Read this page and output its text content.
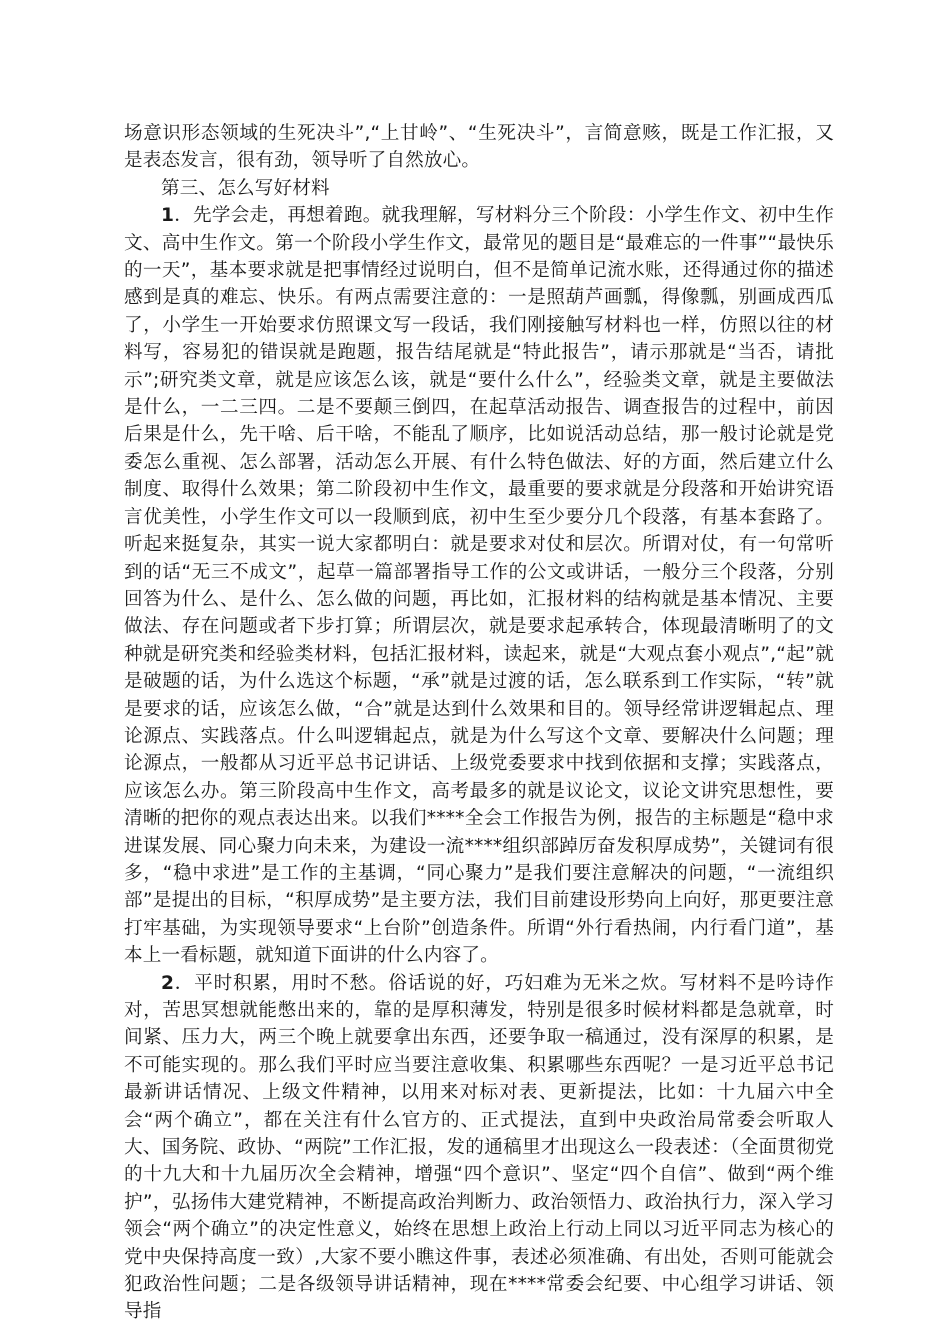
场意识形态领域的生死决斗”,“上甘岭”、“生死决斗”，言简意赅，既是工作汇报，又是表态发言，很有劲，领导听了自然放心。

第三、怎么写好材料

1．先学会走，再想着跑。就我理解，写材料分三个阶段：小学生作文、初中生作文、高中生作文。第一个阶段小学生作文，最常见的题目是“最难忘的一件事”“最快乐的一天”，基本要求就是把事情经过说明白，但不是简单记流水账，还得通过你的描述感到是真的难忘、快乐。有两点需要注意的：一是照葫芦画瓢，得像瓢，别画成西瓜了，小学生一开始要求仿照课文写一段话，我们刚接触写材料也一样，仿照以往的材料写，容易犯的错误就是跑题，报告结尾就是“特此报告”，请示那就是“当否，请批示”;研究类文章，就是应该怎么该，就是“要什么什么”，经验类文章，就是主要做法是什么，一二三四。二是不要颠三倒四，在起草活动报告、调查报告的过程中，前因后果是什么，先干啥、后干啥，不能乱了顺序，比如说活动总结，那一般讨论就是党委怎么重视、怎么部署，活动怎么开展、有什么特色做法、好的方面，然后建立什么制度、取得什么效果；第二阶段初中生作文，最重要的要求就是分段落和开始讲究语言优美性，小学生作文可以一段顺到底，初中生至少要分几个段落，有基本套路了。听起来挺复杂，其实一说大家都明白：就是要求对仗和层次。所谓对仗，有一句常听到的话“无三不成文”，起草一篇部署指导工作的公文或讲话，一般分三个段落，分别回答为什么、是什么、怎么做的问题，再比如，汇报材料的结构就是基本情况、主要做法、存在问题或者下步打算；所谓层次，就是要求起承转合，体现最清晰明了的文种就是研究类和经验类材料，包括汇报材料，读起来，就是“大观点套小观点”,“起”就是破题的话，为什么选这个标题，“承”就是过渡的话，怎么联系到工作实际，“转”就是要求的话，应该怎么做，“合”就是达到什么效果和目的。领导经常讲逻辑起点、理论源点、实践落点。什么叫逻辑起点，就是为什么写这个文章、要解决什么问题；理论源点，一般都从习近平总书记讲话、上级党委要求中找到依据和支撑；实践落点，应该怎么办。第三阶段高中生作文，高考最多的就是议论文，议论文讲究思想性，要清晰的把你的观点表达出来。以我们****全会工作报告为例，报告的主标题是“稳中求进谋发展、同心聚力向未来，为建设一流****组织部踔厉奋发积厚成势”，关键词有很多，“稳中求进”是工作的主基调，“同心聚力”是我们要注意解决的问题，“一流组织部”是提出的目标，“积厚成势”是主要方法，我们目前建设形势向上向好，那更要注意打牢基础，为实现领导要求“上台阶”创造条件。所谓“外行看热闹，内行看门道”，基本上一看标题，就知道下面讲的什么内容了。

2．平时积累，用时不愁。俗话说的好，巧妇难为无米之炊。写材料不是吟诗作对，苦思冥想就能憋出来的，靠的是厚积薄发，特别是很多时候材料都是急就章，时间紧、压力大，两三个晚上就要拿出东西，还要争取一稿通过，没有深厚的积累，是不可能实现的。那么我们平时应当要注意收集、积累哪些东西呢？一是习近平总书记最新讲话情况、上级文件精神，以用来对标对表、更新提法，比如：十九届六中全会“两个确立”，都在关注有什么官方的、正式提法，直到中央政治局常委会听取人大、国务院、政协、“两院”工作汇报，发的通稿里才出现这么一段表述：（全面贯彻党的十九大和十九届历次全会精神，增强“四个意识”、坚定“四个自信”、做到“两个维护”，弘扬伟大建党精神，不断提高政治判断力、政治领悟力、政治执行力，深入学习领会“两个确立”的决定性意义，始终在思想上政治上行动上同以习近平同志为核心的党中央保持高度一致）,大家不要小瞧这件事，表述必须准确、有出处，否则可能就会犯政治性问题；二是各级领导讲话精神，现在****常委会纪要、中心组学习讲话、领导指
